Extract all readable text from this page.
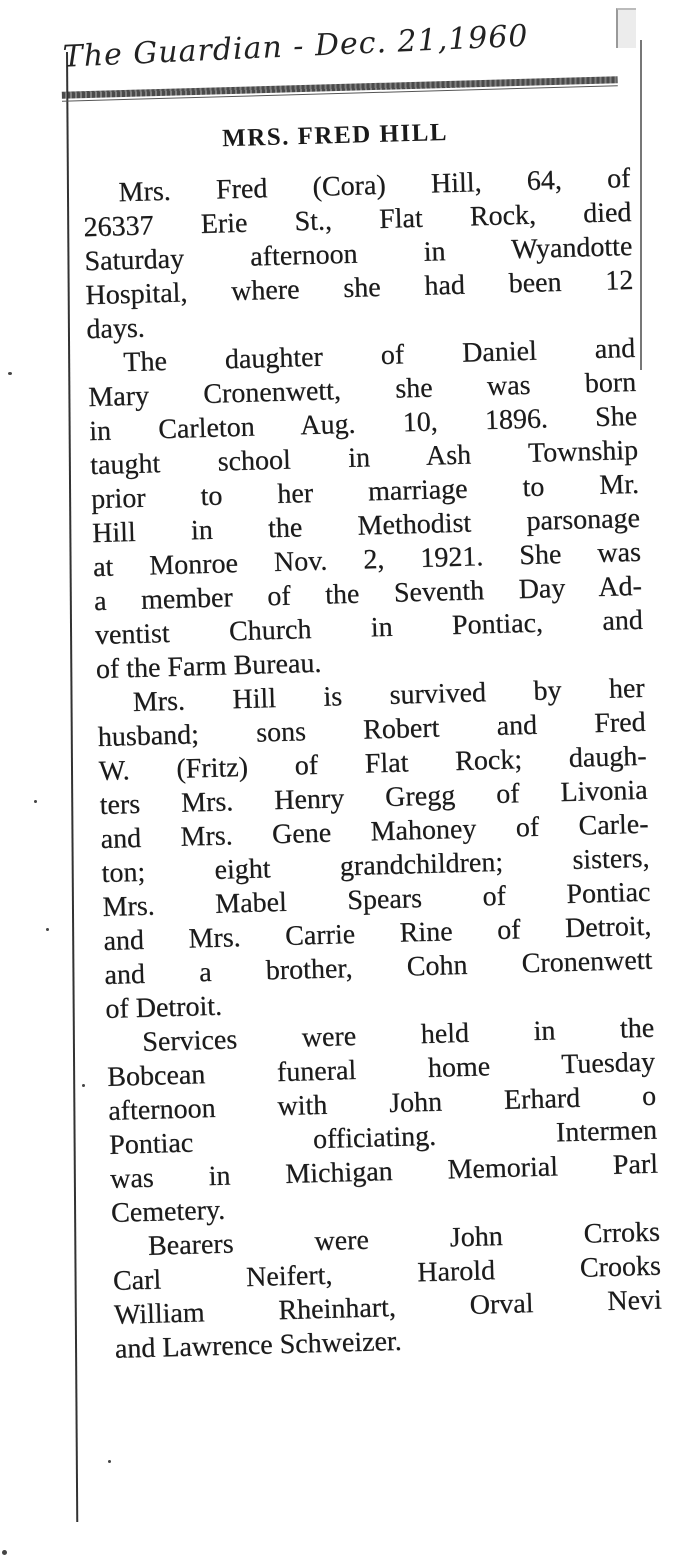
The Guardian - Dec. 21,1960
MRS. FRED HILL
Mrs. Fred (Cora) Hill, 64, of
26337 Erie St., Flat Rock, died
Saturday afternoon in Wyandotte
Hospital, where she had been 12
days.
The daughter of Daniel and
Mary Cronenwett, she was born
in Carleton Aug. 10, 1896. She
taught school in Ash Township
prior to her marriage to Mr.
Hill in the Methodist parsonage
at Monroe Nov. 2, 1921. She was
a member of the Seventh Day Ad-
ventist Church in Pontiac, and
of the Farm Bureau.
Mrs. Hill is survived by her
husband; sons Robert and Fred
W. (Fritz) of Flat Rock; daugh-
ters Mrs. Henry Gregg of Livonia
and Mrs. Gene Mahoney of Carle-
ton; eight grandchildren; sisters,
Mrs. Mabel Spears of Pontiac
and Mrs. Carrie Rine of Detroit,
and a brother, Cohn Cronenwett
of Detroit.
Services were held in the
Bobcean funeral home Tuesday
afternoon with John Erhard o
Pontiac officiating. Intermen
was in Michigan Memorial Parl
Cemetery.
Bearers were John Crroks
Carl Neifert, Harold Crooks
William Rheinhart, Orval Nevi
and Lawrence Schweizer.
